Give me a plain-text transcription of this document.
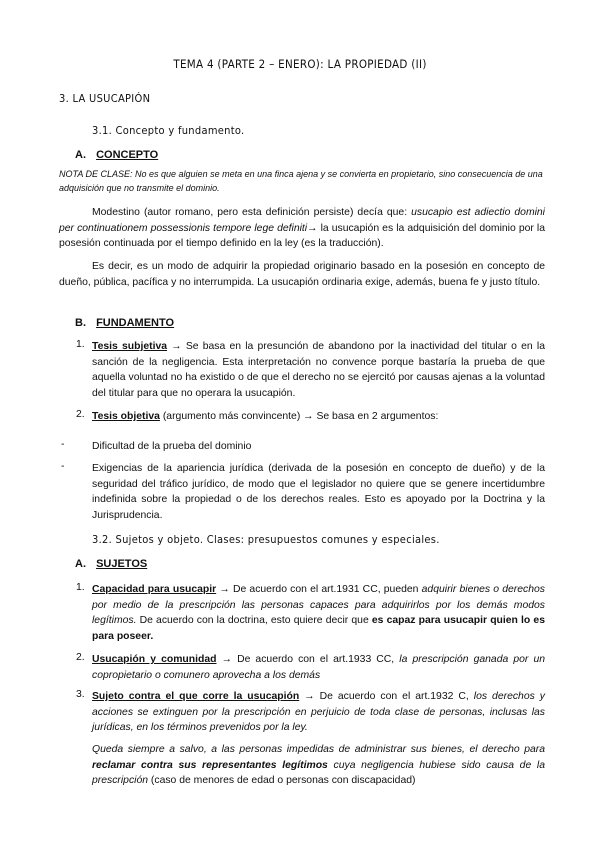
TEMA 4 (PARTE 2 – ENERO): LA PROPIEDAD (II)
3. LA USUCAPIÓN
3.1. Concepto y fundamento.
A. CONCEPTO
NOTA DE CLASE: No es que alguien se meta en una finca ajena y se convierta en propietario, sino consecuencia de una adquisición que no transmite el dominio.
Modestino (autor romano, pero esta definición persiste) decía que: usucapio est adiectio domini per continuationem possessionis tempore lege definiti→ la usucapión es la adquisición del dominio por la posesión continuada por el tiempo definido en la ley (es la traducción).
Es decir, es un modo de adquirir la propiedad originario basado en la posesión en concepto de dueño, pública, pacífica y no interrumpida. La usucapión ordinaria exige, además, buena fe y justo título.
B. FUNDAMENTO
1. Tesis subjetiva → Se basa en la presunción de abandono por la inactividad del titular o en la sanción de la negligencia. Esta interpretación no convence porque bastaría la prueba de que aquella voluntad no ha existido o de que el derecho no se ejercitó por causas ajenas a la voluntad del titular para que no operara la usucapión.
2. Tesis objetiva (argumento más convincente) → Se basa en 2 argumentos:
-	Dificultad de la prueba del dominio
-	Exigencias de la apariencia jurídica (derivada de la posesión en concepto de dueño) y de la seguridad del tráfico jurídico, de modo que el legislador no quiere que se genere incertidumbre indefinida sobre la propiedad o de los derechos reales. Esto es apoyado por la Doctrina y la Jurisprudencia.
3.2. Sujetos y objeto. Clases: presupuestos comunes y especiales.
A. SUJETOS
1. Capacidad para usucapir → De acuerdo con el art.1931 CC, pueden adquirir bienes o derechos por medio de la prescripción las personas capaces para adquirirlos por los demás modos legítimos. De acuerdo con la doctrina, esto quiere decir que es capaz para usucapir quien lo es para poseer.
2. Usucapión y comunidad → De acuerdo con el art.1933 CC, la prescripción ganada por un copropietario o comunero aprovecha a los demás
3. Sujeto contra el que corre la usucapión → De acuerdo con el art.1932 C, los derechos y acciones se extinguen por la prescripción en perjuicio de toda clase de personas, inclusas las jurídicas, en los términos prevenidos por la ley.
Queda siempre a salvo, a las personas impedidas de administrar sus bienes, el derecho para reclamar contra sus representantes legítimos cuya negligencia hubiese sido causa de la prescripción (caso de menores de edad o personas con discapacidad)
